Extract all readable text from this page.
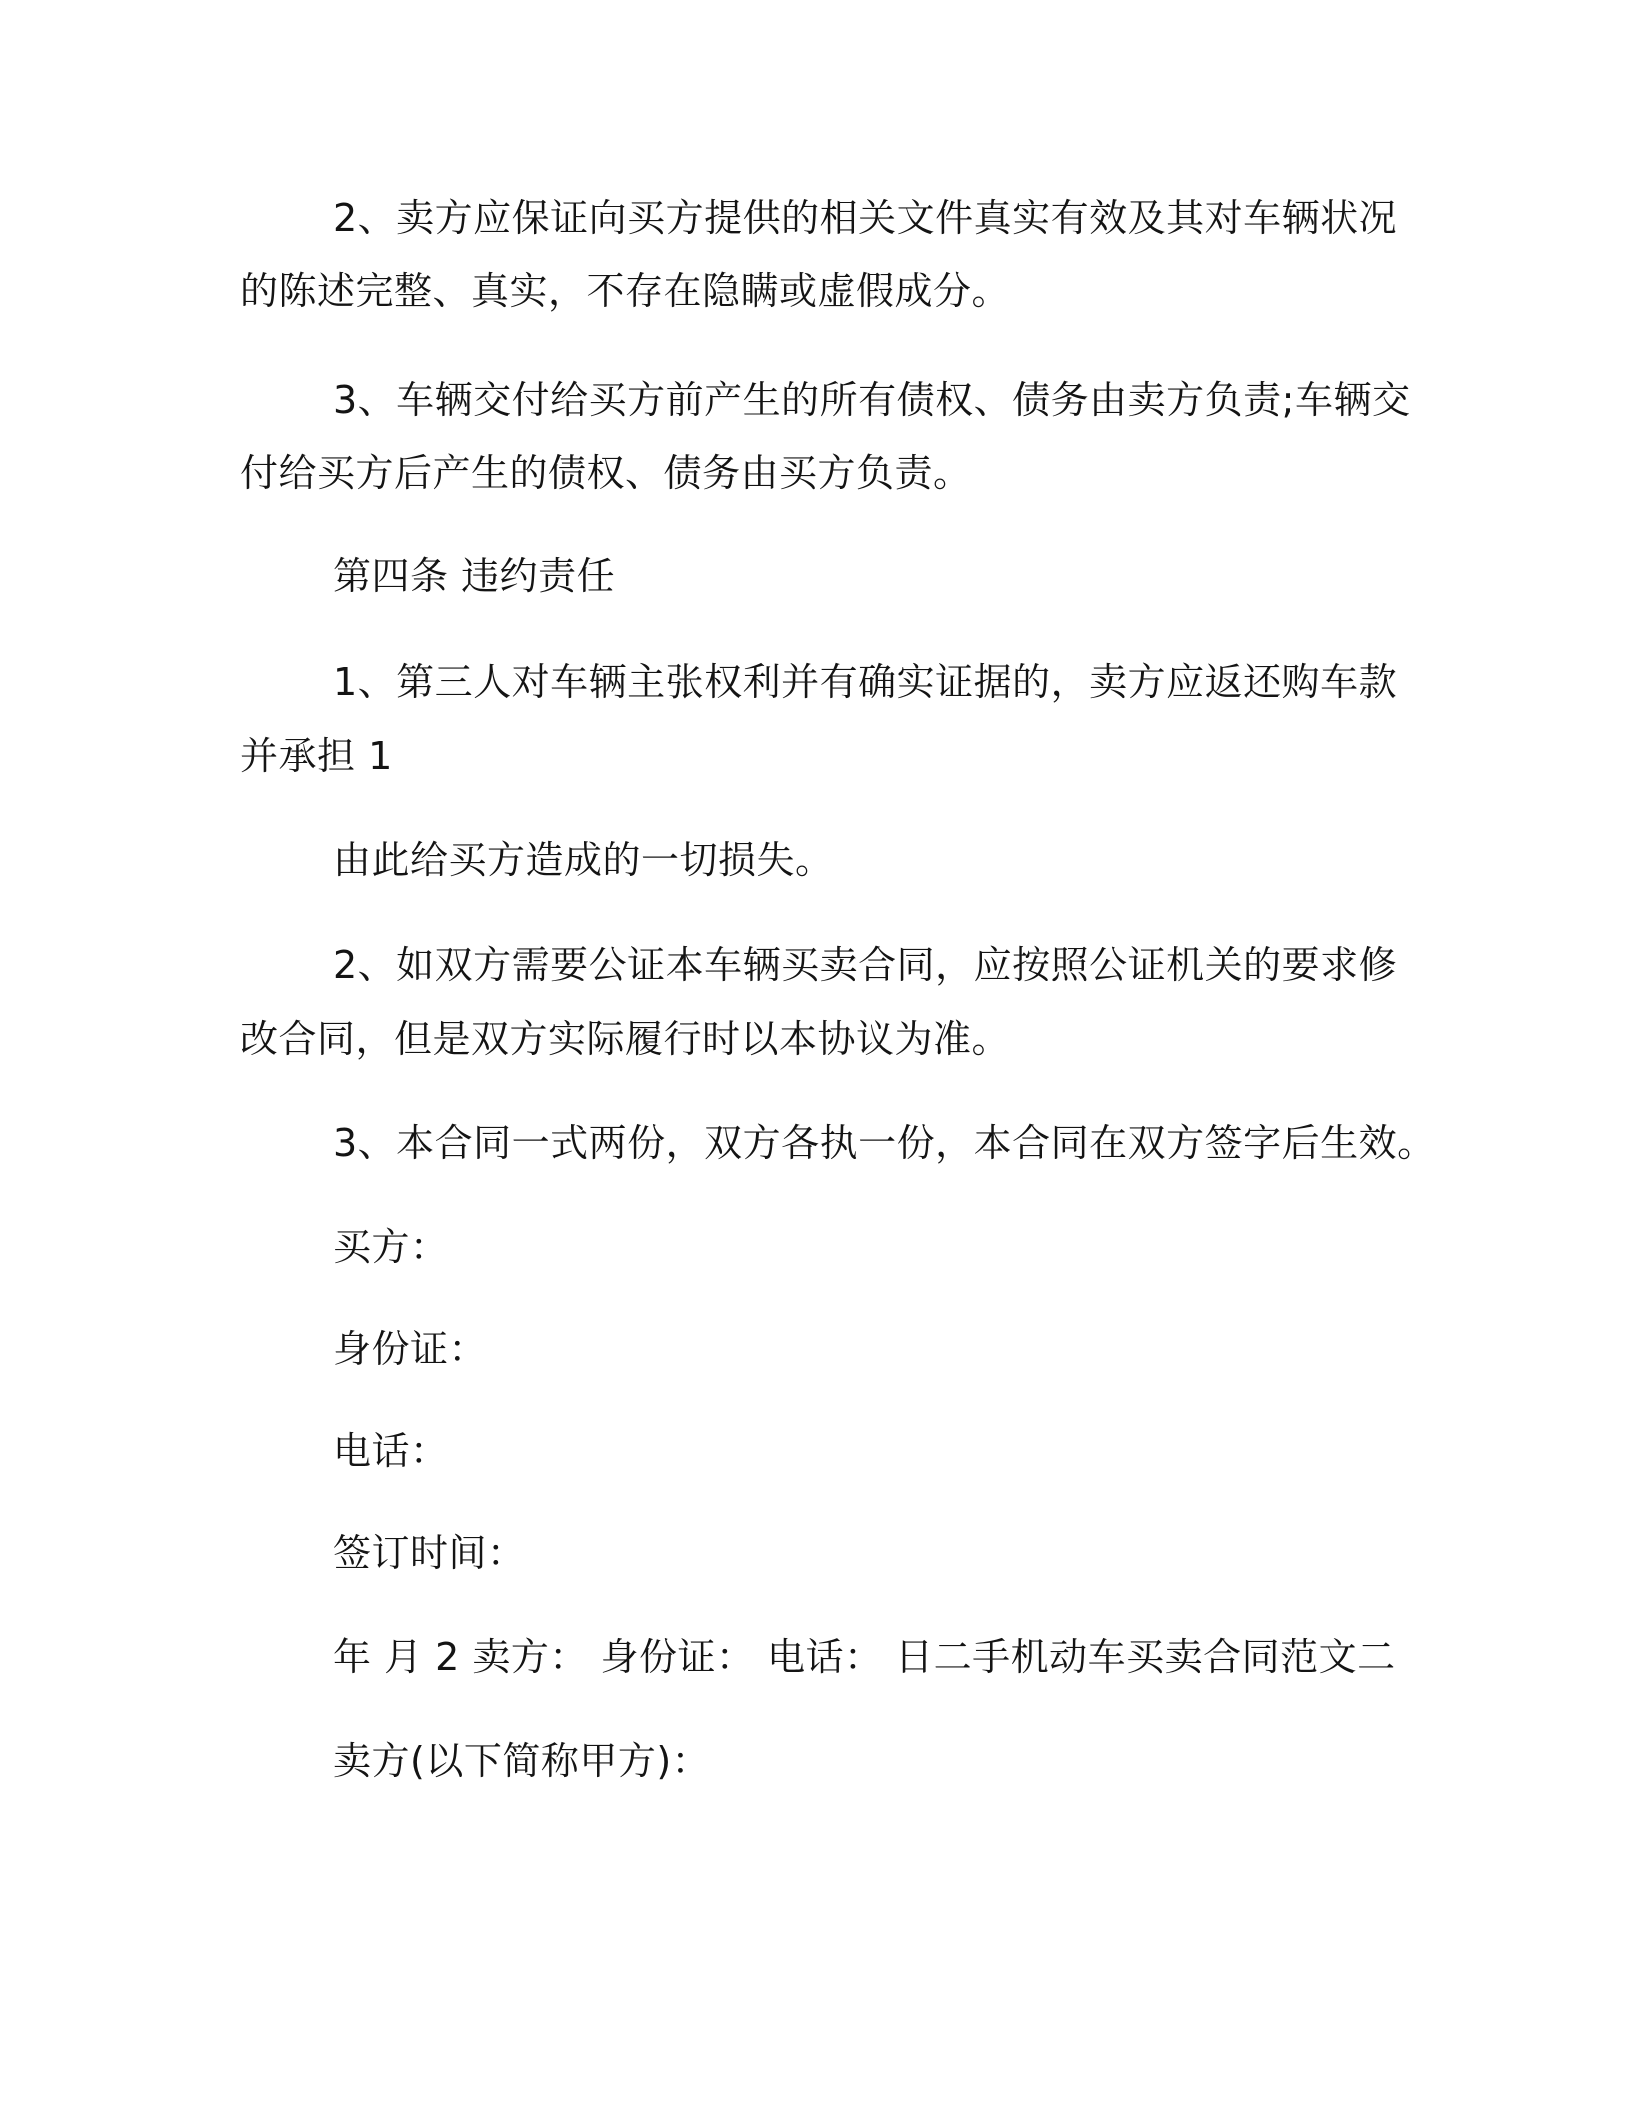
2、卖方应保证向买方提供的相关文件真实有效及其对车辆状况
的陈述完整、真实，不存在隐瞒或虚假成分。
3、车辆交付给买方前产生的所有债权、债务由卖方负责;车辆交
付给买方后产生的债权、债务由买方负责。
第四条 违约责任
1、第三人对车辆主张权利并有确实证据的，卖方应返还购车款
并承担 1
由此给买方造成的一切损失。
2、如双方需要公证本车辆买卖合同，应按照公证机关的要求修
改合同，但是双方实际履行时以本协议为准。
3、本合同一式两份，双方各执一份，本合同在双方签字后生效。
买方：
身份证：
电话：
签订时间：
年 月 2 卖方： 身份证： 电话： 日二手机动车买卖合同范文二
卖方(以下简称甲方)：
